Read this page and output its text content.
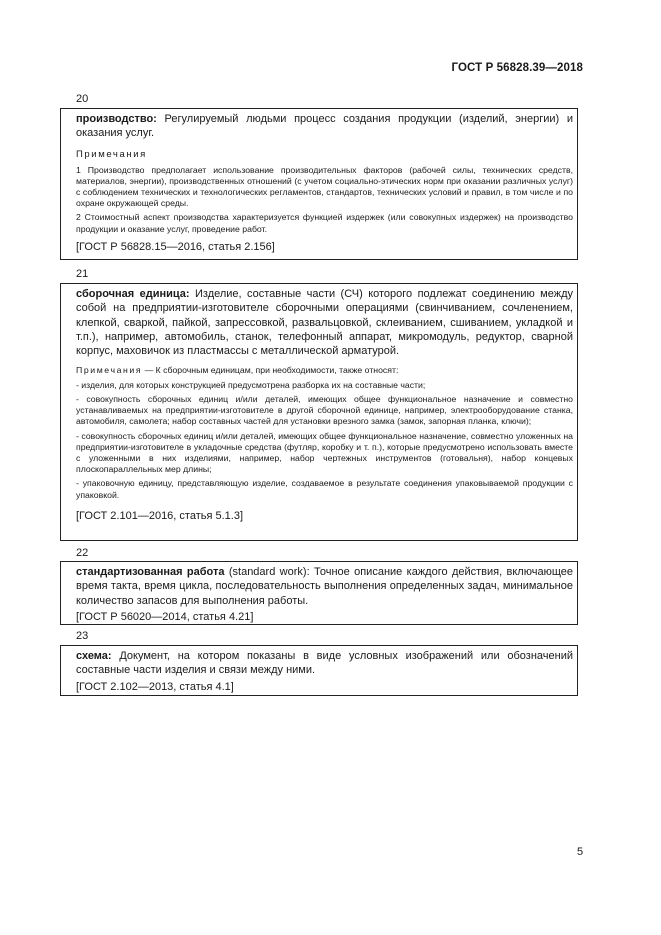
ГОСТ Р 56828.39—2018
20
производство: Регулируемый людьми процесс создания продукции (изделий, энергии) и оказания услуг.
Примечания
1 Производство предполагает использование производительных факторов (рабочей силы, технических средств, материалов, энергии), производственных отношений (с учетом социально-этических норм при оказании различных услуг) с соблюдением технических и технологических регламентов, стандартов, технических условий и правил, в том числе и по охране окружающей среды.
2 Стоимостный аспект производства характеризуется функцией издержек (или совокупных издержек) на производство продукции и оказание услуг, проведение работ.
[ГОСТ Р 56828.15—2016, статья 2.156]
21
сборочная единица: Изделие, составные части (СЧ) которого подлежат соединению между собой на предприятии-изготовителе сборочными операциями (свинчиванием, сочленением, клепкой, сваркой, пайкой, запрессовкой, развальцовкой, склеиванием, сшиванием, укладкой и т.п.), например, автомобиль, станок, телефонный аппарат, микромодуль, редуктор, сварной корпус, маховичок из пластмассы с металлической арматурой.
Примечания — К сборочным единицам, при необходимости, также относят:
- изделия, для которых конструкцией предусмотрена разборка их на составные части;
- совокупность сборочных единиц и/или деталей, имеющих общее функциональное назначение и совместно устанавливаемых на предприятии-изготовителе в другой сборочной единице, например, электрооборудование станка, автомобиля, самолета; набор составных частей для установки врезного замка (замок, запорная планка, ключи);
- совокупность сборочных единиц и/или деталей, имеющих общее функциональное назначение, совместно уложенных на предприятии-изготовителе в укладочные средства (футляр, коробку и т. п.), которые предусмотрено использовать вместе с уложенными в них изделиями, например, набор чертежных инструментов (готовальня), набор концевых плоскопараллельных мер длины;
- упаковочную единицу, представляющую изделие, создаваемое в результате соединения упаковываемой продукции с упаковкой.
[ГОСТ 2.101—2016, статья 5.1.3]
22
стандартизованная работа (standard work): Точное описание каждого действия, включающее время такта, время цикла, последовательность выполнения определенных задач, минимальное количество запасов для выполнения работы.
[ГОСТ Р 56020—2014, статья 4.21]
23
схема: Документ, на котором показаны в виде условных изображений или обозначений составные части изделия и связи между ними.
[ГОСТ 2.102—2013, статья 4.1]
5
